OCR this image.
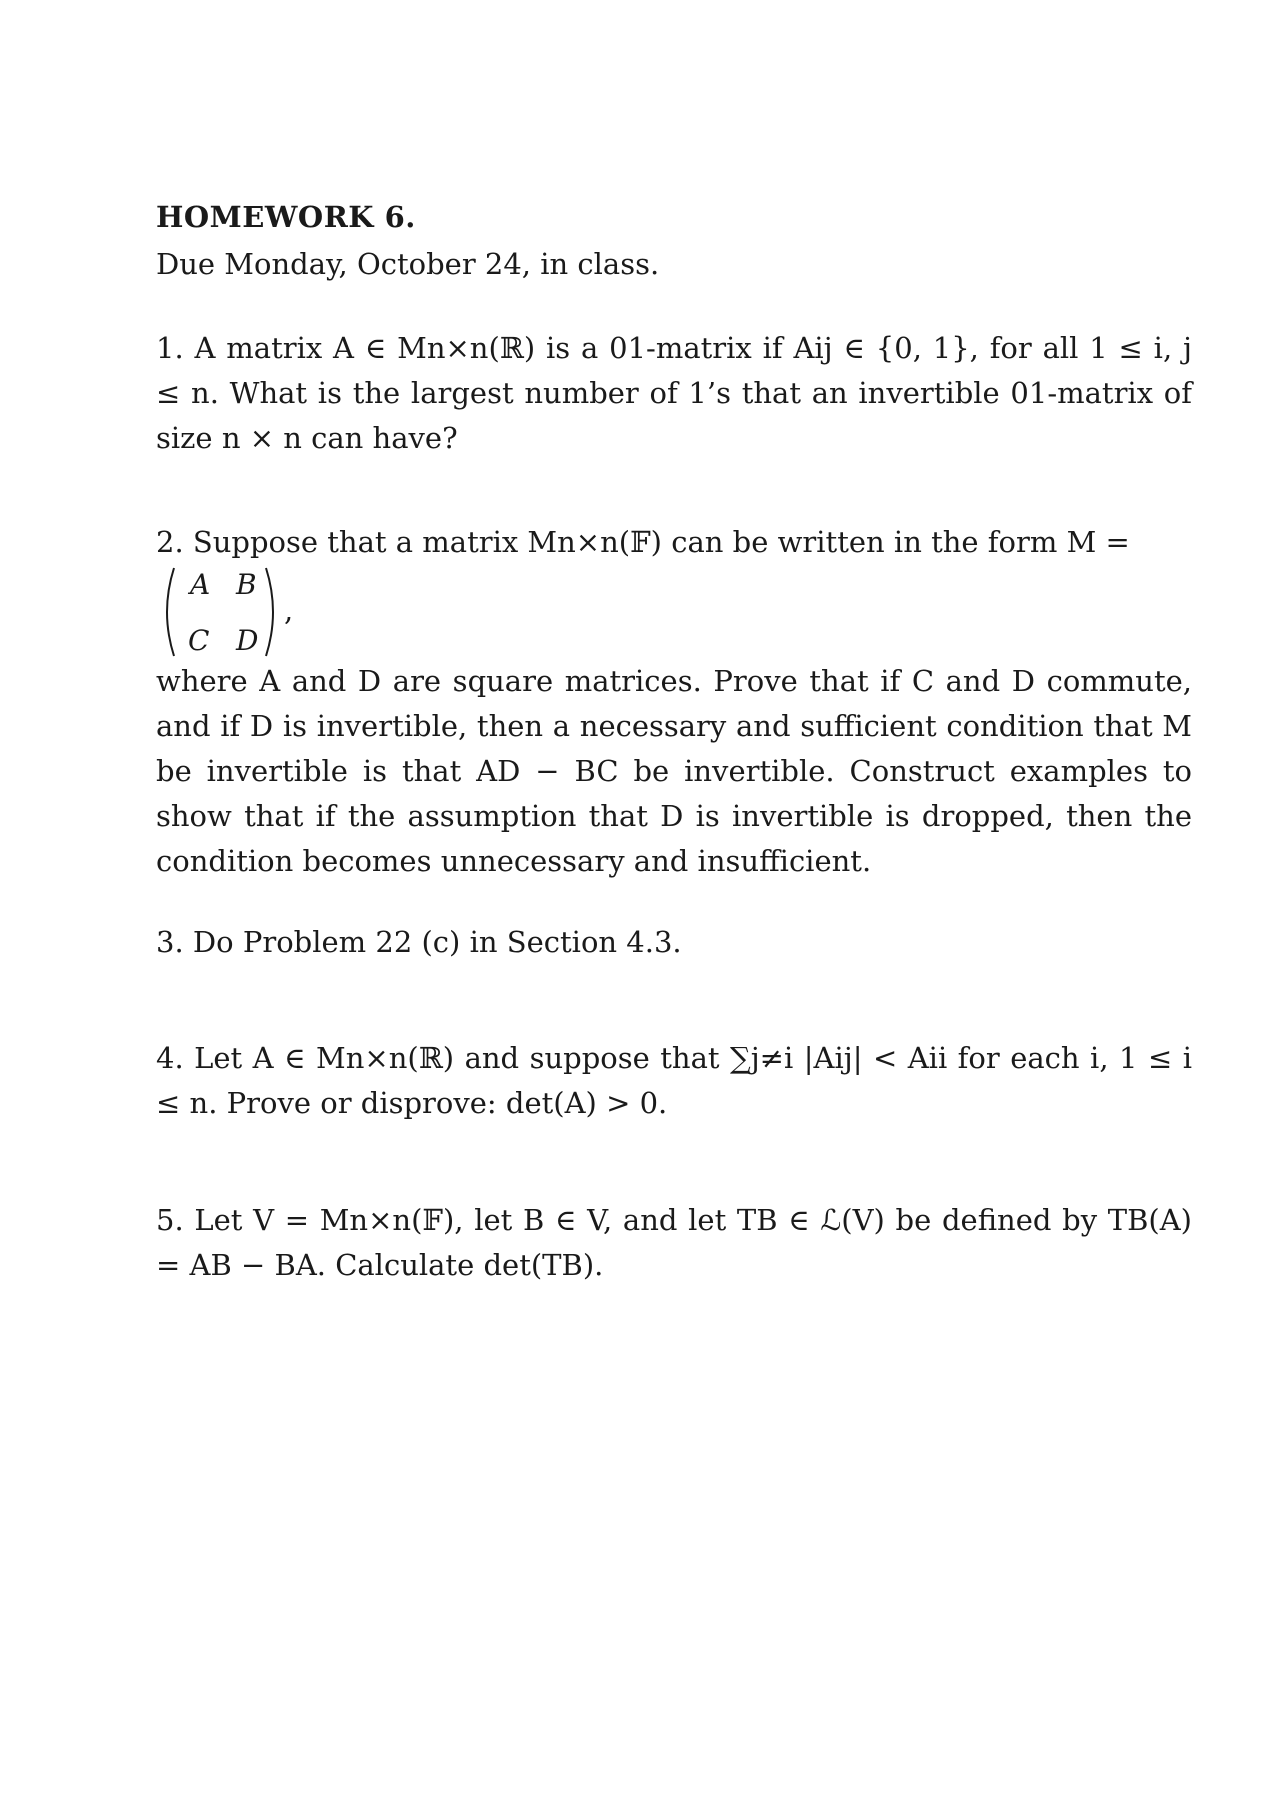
HOMEWORK 6.
Due Monday, October 24, in class.

1. A matrix A ∈ Mn×n(ℝ) is a 01-matrix if Aij ∈ {0, 1}, for all 1 ≤ i, j ≤ n. What is the largest number of 1’s that an invertible 01-matrix of size n × n can have?

2. Suppose that a matrix Mn×n(𝔽) can be written in the form M =
A B
C D
,

where A and D are square matrices. Prove that if C and D commute, and if D is invertible, then a necessary and sufficient condition that M be invertible is that AD − BC be invertible. Construct examples to show that if the assumption that D is invertible is dropped, then the condition becomes unnecessary and insufficient.

3. Do Problem 22 (c) in Section 4.3.

4. Let A ∈ Mn×n(ℝ) and suppose that ∑j≠i |Aij| < Aii for each i, 1 ≤ i ≤ n. Prove or disprove: det(A) > 0.

5. Let V = Mn×n(𝔽), let B ∈ V, and let TB ∈ ℒ(V) be defined by TB(A) = AB − BA. Calculate det(TB).
